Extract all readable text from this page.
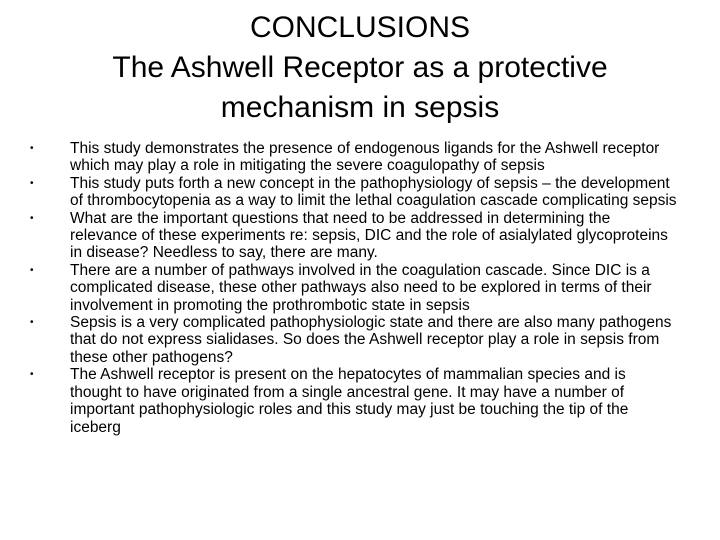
CONCLUSIONS
The Ashwell Receptor as a protective
mechanism in sepsis
•	This study demonstrates the presence of endogenous ligands for the Ashwell receptor which may play a role in mitigating the severe coagulopathy of sepsis
•	This study puts forth a new concept in the pathophysiology of sepsis – the development of thrombocytopenia as a way to limit the lethal coagulation cascade complicating sepsis
•	What are the important questions that need to be addressed in determining the relevance of these experiments re: sepsis, DIC and the role of asialylated glycoproteins in disease? Needless to say, there are many.
•	There are a number of pathways involved in the coagulation cascade. Since DIC is a complicated disease, these other pathways also need to be explored in terms of their involvement in promoting the prothrombotic state in sepsis
•	Sepsis is a very complicated pathophysiologic state and there are also many pathogens that do not express sialidases. So does the Ashwell receptor play a role in sepsis from these other pathogens?
•	The Ashwell receptor is present on the hepatocytes of mammalian species and is thought to have originated from a single ancestral gene. It may have a number of important pathophysiologic roles and this study may just be touching the tip of the iceberg
